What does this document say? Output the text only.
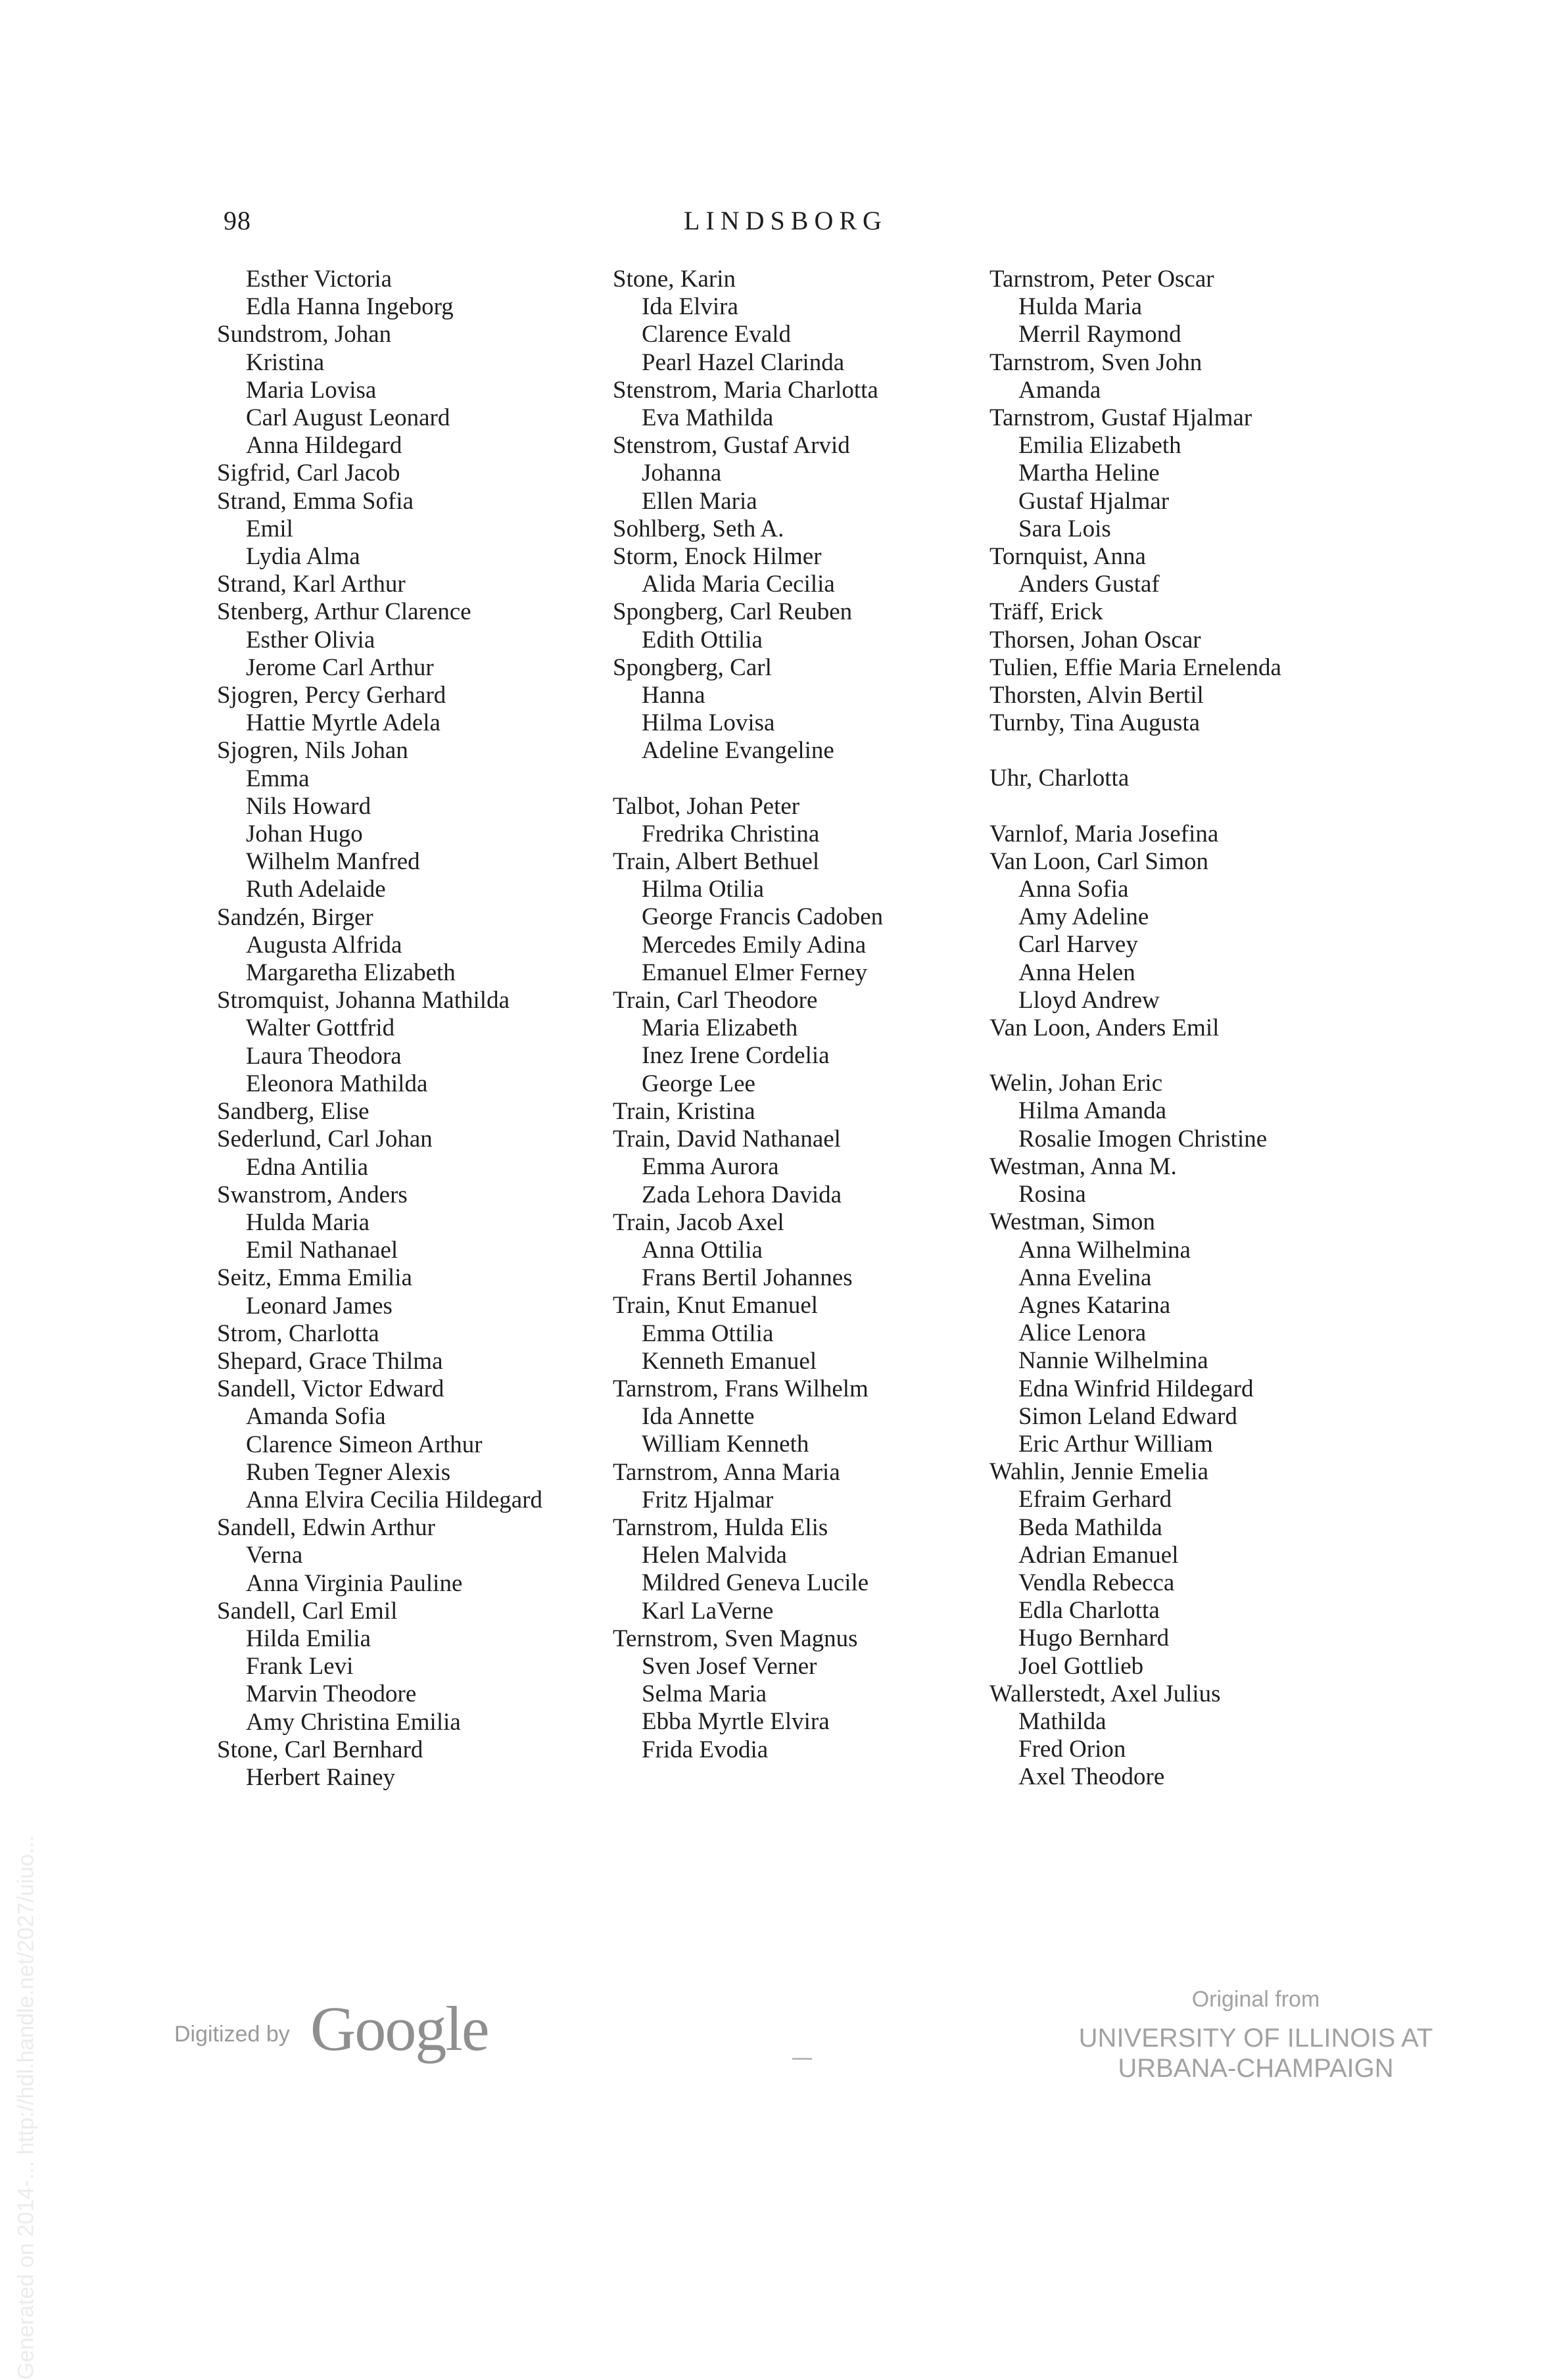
98	LINDSBORG
Generated on 2014-... http://hdl.handle.net/2027/uiuo...
Esther Victoria
Edla Hanna Ingeborg
Sundstrom, Johan
Kristina
Maria Lovisa
Carl August Leonard
Anna Hildegard
Sigfrid, Carl Jacob
Strand, Emma Sofia
Emil
Lydia Alma
Strand, Karl Arthur
Stenberg, Arthur Clarence
Esther Olivia
Jerome Carl Arthur
Sjogren, Percy Gerhard
Hattie Myrtle Adela
Sjogren, Nils Johan
Emma
Nils Howard
Johan Hugo
Wilhelm Manfred
Ruth Adelaide
Sandzén, Birger
Augusta Alfrida
Margaretha Elizabeth
Stromquist, Johanna Mathilda
Walter Gottfrid
Laura Theodora
Eleonora Mathilda
Sandberg, Elise
Sederlund, Carl Johan
Edna Antilia
Swanstrom, Anders
Hulda Maria
Emil Nathanael
Seitz, Emma Emilia
Leonard James
Strom, Charlotta
Shepard, Grace Thilma
Sandell, Victor Edward
Amanda Sofia
Clarence Simeon Arthur
Ruben Tegner Alexis
Anna Elvira Cecilia Hildegard
Sandell, Edwin Arthur
Verna
Anna Virginia Pauline
Sandell, Carl Emil
Hilda Emilia
Frank Levi
Marvin Theodore
Amy Christina Emilia
Stone, Carl Bernhard
Herbert Rainey
Stone, Karin
Ida Elvira
Clarence Evald
Pearl Hazel Clarinda
Stenstrom, Maria Charlotta
Eva Mathilda
Stenstrom, Gustaf Arvid
Johanna
Ellen Maria
Sohlberg, Seth A.
Storm, Enock Hilmer
Alida Maria Cecilia
Spongberg, Carl Reuben
Edith Ottilia
Spongberg, Carl
Hanna
Hilma Lovisa
Adeline Evangeline
Talbot, Johan Peter
Fredrika Christina
Train, Albert Bethuel
Hilma Otilia
George Francis Cadoben
Mercedes Emily Adina
Emanuel Elmer Ferney
Train, Carl Theodore
Maria Elizabeth
Inez Irene Cordelia
George Lee
Train, Kristina
Train, David Nathanael
Emma Aurora
Zada Lehora Davida
Train, Jacob Axel
Anna Ottilia
Frans Bertil Johannes
Train, Knut Emanuel
Emma Ottilia
Kenneth Emanuel
Tarnstrom, Frans Wilhelm
Ida Annette
William Kenneth
Tarnstrom, Anna Maria
Fritz Hjalmar
Tarnstrom, Hulda Elis
Helen Malvida
Mildred Geneva Lucile
Karl LaVerne
Ternstrom, Sven Magnus
Sven Josef Verner
Selma Maria
Ebba Myrtle Elvira
Frida Evodia
Tarnstrom, Peter Oscar
Hulda Maria
Merril Raymond
Tarnstrom, Sven John
Amanda
Tarnstrom, Gustaf Hjalmar
Emilia Elizabeth
Martha Heline
Gustaf Hjalmar
Sara Lois
Tornquist, Anna
Anders Gustaf
Träff, Erick
Thorsen, Johan Oscar
Tulien, Effie Maria Ernelenda
Thorsten, Alvin Bertil
Turnby, Tina Augusta
Uhr, Charlotta
Varnlof, Maria Josefina
Van Loon, Carl Simon
Anna Sofia
Amy Adeline
Carl Harvey
Anna Helen
Lloyd Andrew
Van Loon, Anders Emil
Welin, Johan Eric
Hilma Amanda
Rosalie Imogen Christine
Westman, Anna M.
Rosina
Westman, Simon
Anna Wilhelmina
Anna Evelina
Agnes Katarina
Alice Lenora
Nannie Wilhelmina
Edna Winfrid Hildegard
Simon Leland Edward
Eric Arthur William
Wahlin, Jennie Emelia
Efraim Gerhard
Beda Mathilda
Adrian Emanuel
Vendla Rebecca
Edla Charlotta
Hugo Bernhard
Joel Gottlieb
Wallerstedt, Axel Julius
Mathilda
Fred Orion
Axel Theodore
Digitized by Google	Original from
UNIVERSITY OF ILLINOIS AT
URBANA-CHAMPAIGN
